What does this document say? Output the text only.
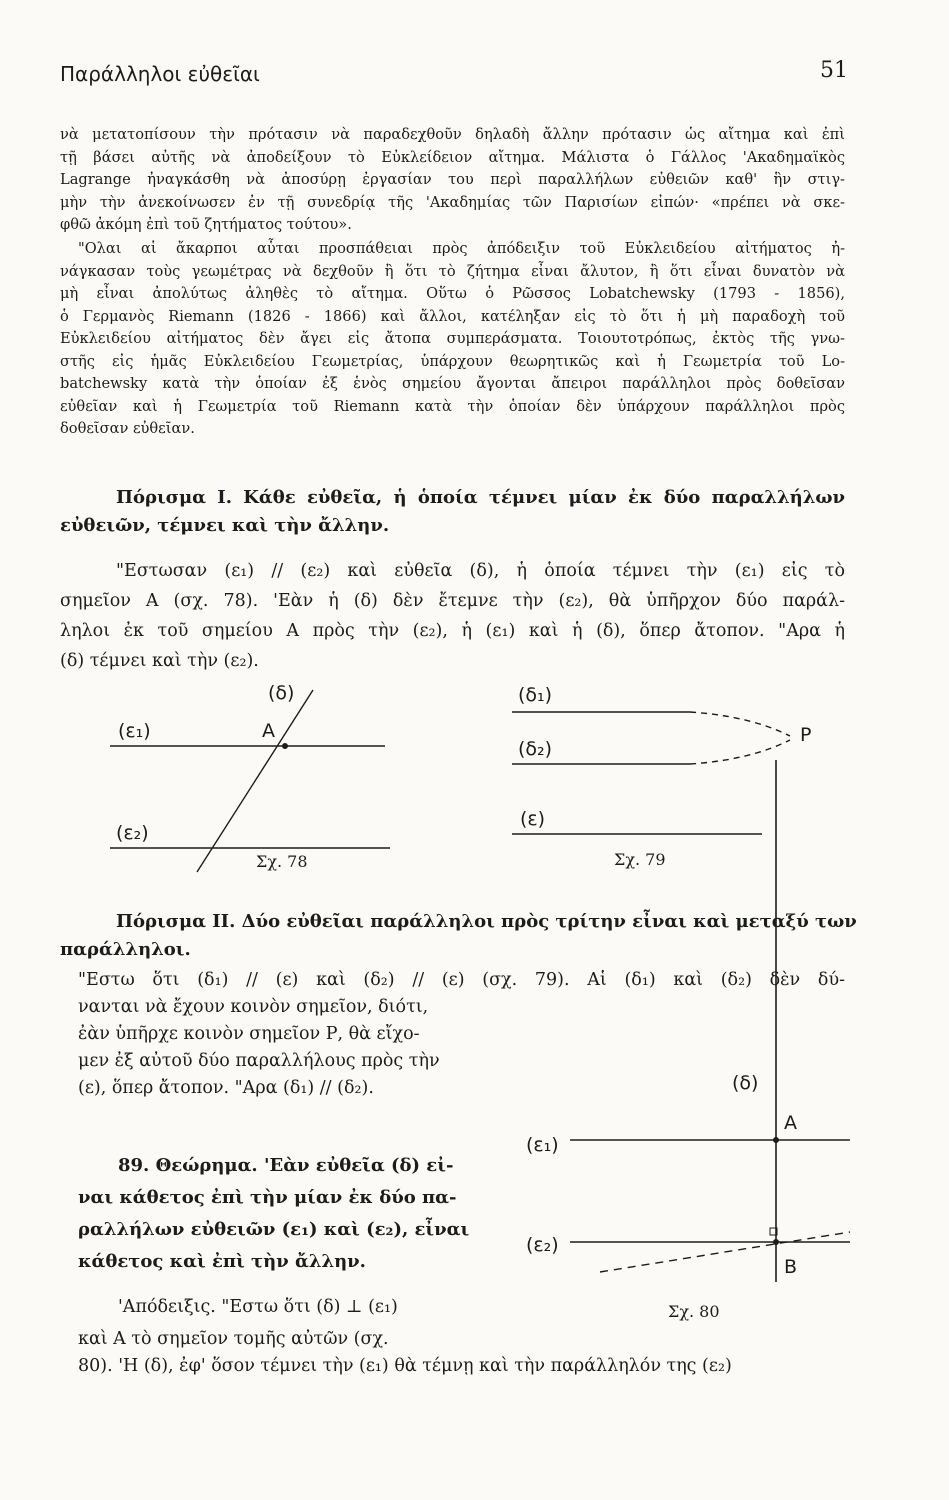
Παράλληλοι εὐθεῖαι	51
νὰ μετατοπίσουν τὴν πρότασιν νὰ παραδεχθοῦν δηλαδὴ ἄλλην πρότασιν ὡς αἴτημα καὶ ἐπὶ
τῇ βάσει αὐτῆς νὰ ἀποδείξουν τὸ Εὐκλείδειον αἴτημα. Μάλιστα ὁ Γάλλος 'Ακαδημαϊκὸς
Lagrange ἠναγκάσθη νὰ ἀποσύρῃ ἐργασίαν του περὶ παραλλήλων εὐθειῶν καθ' ἣν στιγ-
μὴν τὴν ἀνεκοίνωσεν ἐν τῇ συνεδρίᾳ τῆς 'Ακαδημίας τῶν Παρισίων εἰπών· «πρέπει νὰ σκε-
φθῶ ἀκόμη ἐπὶ τοῦ ζητήματος τούτου».
"Ολαι αἱ ἄκαρποι αὗται προσπάθειαι πρὸς ἀπόδειξιν τοῦ Εὐκλειδείου αἰτήματος ἠ-
νάγκασαν τοὺς γεωμέτρας νὰ δεχθοῦν ἢ ὅτι τὸ ζήτημα εἶναι ἄλυτον, ἢ ὅτι εἶναι δυνατὸν νὰ
μὴ εἶναι ἀπολύτως ἀληθὲς τὸ αἴτημα. Οὕτω ὁ Ρῶσσος Lobatchewsky (1793 - 1856),
ὁ Γερμανὸς Riemann (1826 - 1866) καὶ ἄλλοι, κατέληξαν εἰς τὸ ὅτι ἡ μὴ παραδοχὴ τοῦ
Εὐκλειδείου αἰτήματος δὲν ἄγει εἰς ἄτοπα συμπεράσματα. Τοιουτοτρόπως, ἐκτὸς τῆς γνω-
στῆς εἰς ἡμᾶς Εὐκλειδείου Γεωμετρίας, ὑπάρχουν θεωρητικῶς καὶ ἡ Γεωμετρία τοῦ Lo-
batchewsky κατὰ τὴν ὁποίαν ἐξ ἑνὸς σημείου ἄγονται ἄπειροι παράλληλοι πρὸς δοθεῖσαν
εὐθεῖαν καὶ ἡ Γεωμετρία τοῦ Riemann κατὰ τὴν ὁποίαν δὲν ὑπάρχουν παράλληλοι πρὸς
δοθεῖσαν εὐθεῖαν.
Πόρισμα I. Κάθε εὐθεῖα, ἡ ὁποία τέμνει μίαν ἐκ δύο παραλλήλων
εὐθειῶν, τέμνει καὶ τὴν ἄλλην.
"Εστωσαν (ε₁) // (ε₂) καὶ εὐθεῖα (δ), ἡ ὁποία τέμνει τὴν (ε₁) εἰς τὸ
σημεῖον Α (σχ. 78). 'Εὰν ἡ (δ) δὲν ἔτεμνε τὴν (ε₂), θὰ ὑπῆρχον δύο παράλ-
ληλοι ἐκ τοῦ σημείου Α πρὸς τὴν (ε₂), ἡ (ε₁) καὶ ἡ (δ), ὅπερ ἄτοπον. "Αρα ἡ
(δ) τέμνει καὶ τὴν (ε₂).
(δ)
(ε₁)	A
(ε₂)
Σχ. 78
(δ₁)
(δ₂)
P
(ε)
Σχ. 79
Πόρισμα II. Δύο εὐθεῖαι παράλληλοι πρὸς τρίτην εἶναι καὶ μεταξύ των
παράλληλοι.
"Εστω ὅτι (δ₁) // (ε) καὶ (δ₂) // (ε) (σχ. 79). Αἱ (δ₁) καὶ (δ₂) δὲν δύ-
νανται νὰ ἔχουν κοινὸν σημεῖον, διότι,
ἐὰν ὑπῆρχε κοινὸν σημεῖον Ρ, θὰ εἴχο-
μεν ἐξ αὐτοῦ δύο παραλλήλους πρὸς τὴν
(ε), ὅπερ ἄτοπον. "Αρα (δ₁) // (δ₂).
89. Θεώρημα. 'Εὰν εὐθεῖα (δ) εἰ-
ναι κάθετος ἐπὶ τὴν μίαν ἐκ δύο πα-
ραλλήλων εὐθειῶν (ε₁) καὶ (ε₂), εἶναι
κάθετος καὶ ἐπὶ τὴν ἄλλην.
'Απόδειξις. "Εστω ὅτι (δ) ⊥ (ε₁)
καὶ Α τὸ σημεῖον τομῆς αὐτῶν (σχ.
80). 'Η (δ), ἐφ' ὅσον τέμνει τὴν (ε₁) θὰ τέμνῃ καὶ τὴν παράλληλόν της (ε₂)
(δ)
A
(ε₁)
(ε₂)
B
Σχ. 80
